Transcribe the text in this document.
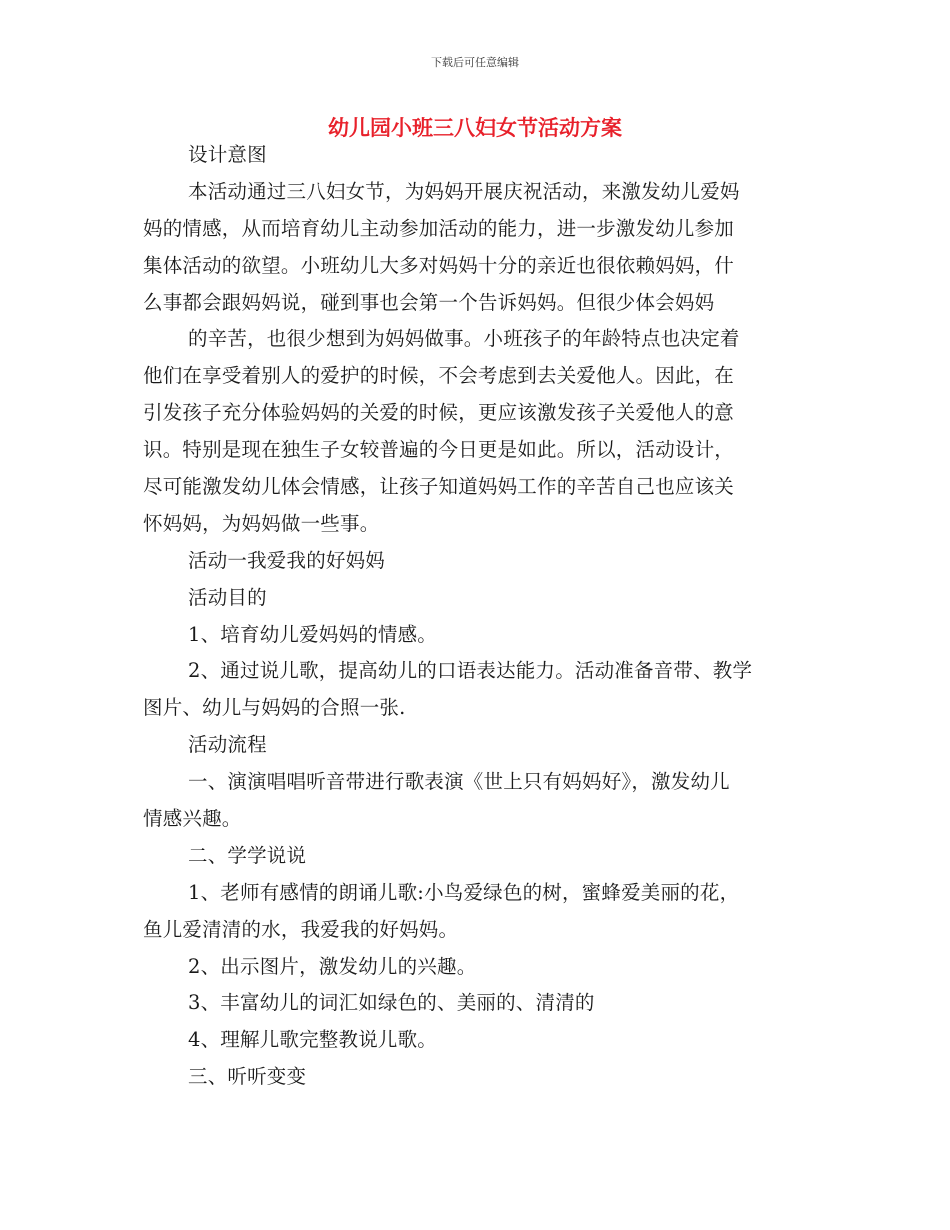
下载后可任意编辑
幼儿园小班三八妇女节活动方案
设计意图
本活动通过三八妇女节，为妈妈开展庆祝活动，来激发幼儿爱妈
妈的情感，从而培育幼儿主动参加活动的能力，进一步激发幼儿参加
集体活动的欲望。小班幼儿大多对妈妈十分的亲近也很依赖妈妈，什
么事都会跟妈妈说，碰到事也会第一个告诉妈妈。但很少体会妈妈
的辛苦，也很少想到为妈妈做事。小班孩子的年龄特点也决定着
他们在享受着别人的爱护的时候，不会考虑到去关爱他人。因此，在
引发孩子充分体验妈妈的关爱的时候，更应该激发孩子关爱他人的意
识。特别是现在独生子女较普遍的今日更是如此。所以，活动设计，
尽可能激发幼儿体会情感，让孩子知道妈妈工作的辛苦自己也应该关
怀妈妈，为妈妈做一些事。
活动一我爱我的好妈妈
活动目的
1、培育幼儿爱妈妈的情感。
2、通过说儿歌，提高幼儿的口语表达能力。活动准备音带、教学
图片、幼儿与妈妈的合照一张.
活动流程
一、演演唱唱听音带进行歌表演《世上只有妈妈好》，激发幼儿
情感兴趣。
二、学学说说
1、老师有感情的朗诵儿歌:小鸟爱绿色的树，蜜蜂爱美丽的花，
鱼儿爱清清的水，我爱我的好妈妈。
2、出示图片，激发幼儿的兴趣。
3、丰富幼儿的词汇如绿色的、美丽的、清清的
4、理解儿歌完整教说儿歌。
三、听听变变
